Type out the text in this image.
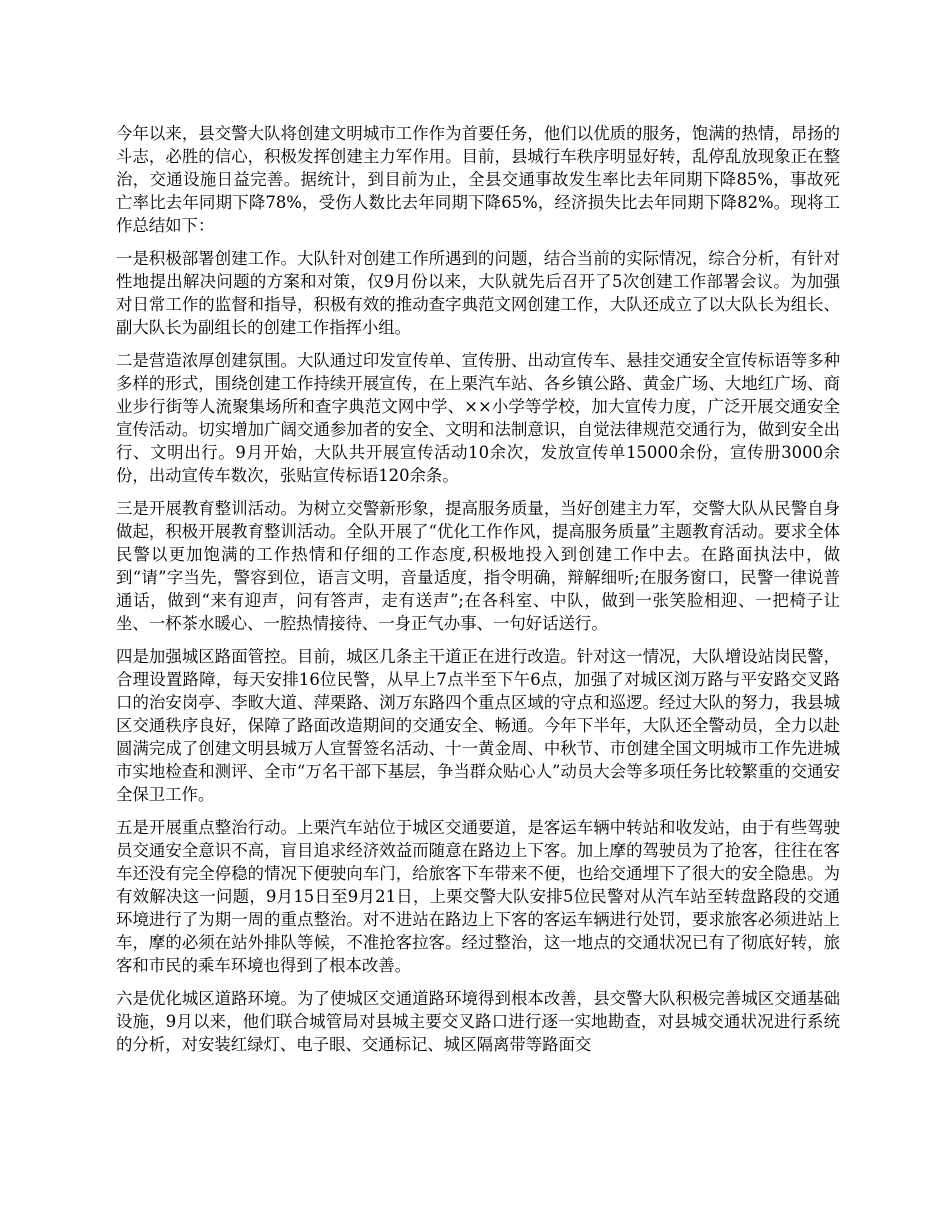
今年以来，县交警大队将创建文明城市工作作为首要任务，他们以优质的服务，饱满的热情，昂扬的斗志，必胜的信心，积极发挥创建主力军作用。目前，县城行车秩序明显好转，乱停乱放现象正在整治，交通设施日益完善。据统计，到目前为止，全县交通事故发生率比去年同期下降85%，事故死亡率比去年同期下降78%，受伤人数比去年同期下降65%，经济损失比去年同期下降82%。现将工作总结如下：

一是积极部署创建工作。大队针对创建工作所遇到的问题，结合当前的实际情况，综合分析，有针对性地提出解决问题的方案和对策，仅9月份以来，大队就先后召开了5次创建工作部署会议。为加强对日常工作的监督和指导，积极有效的推动查字典范文网创建工作，大队还成立了以大队长为组长、副大队长为副组长的创建工作指挥小组。

二是营造浓厚创建氛围。大队通过印发宣传单、宣传册、出动宣传车、悬挂交通安全宣传标语等多种多样的形式，围绕创建工作持续开展宣传，在上栗汽车站、各乡镇公路、黄金广场、大地红广场、商业步行街等人流聚集场所和查字典范文网中学、××小学等学校，加大宣传力度，广泛开展交通安全宣传活动。切实增加广阔交通参加者的安全、文明和法制意识，自觉法律规范交通行为，做到安全出行、文明出行。9月开始，大队共开展宣传活动10余次，发放宣传单15000余份，宣传册3000余份，出动宣传车数次，张贴宣传标语120余条。

三是开展教育整训活动。为树立交警新形象，提高服务质量，当好创建主力军，交警大队从民警自身做起，积极开展教育整训活动。全队开展了“优化工作作风，提高服务质量”主题教育活动。要求全体民警以更加饱满的工作热情和仔细的工作态度,积极地投入到创建工作中去。在路面执法中，做到“请”字当先，警容到位，语言文明，音量适度，指令明确，辩解细听;在服务窗口，民警一律说普通话，做到“来有迎声，问有答声，走有送声”;在各科室、中队，做到一张笑脸相迎、一把椅子让坐、一杯茶水暖心、一腔热情接待、一身正气办事、一句好话送行。

四是加强城区路面管控。目前，城区几条主干道正在进行改造。针对这一情况，大队增设站岗民警，合理设置路障，每天安排16位民警，从早上7点半至下午6点，加强了对城区浏万路与平安路交叉路口的治安岗亭、李畋大道、萍栗路、浏万东路四个重点区域的守点和巡逻。经过大队的努力，我县城区交通秩序良好，保障了路面改造期间的交通安全、畅通。今年下半年，大队还全警动员，全力以赴圆满完成了创建文明县城万人宣誓签名活动、十一黄金周、中秋节、市创建全国文明城市工作先进城市实地检查和测评、全市“万名干部下基层，争当群众贴心人”动员大会等多项任务比较繁重的交通安全保卫工作。

五是开展重点整治行动。上栗汽车站位于城区交通要道，是客运车辆中转站和收发站，由于有些驾驶员交通安全意识不高，盲目追求经济效益而随意在路边上下客。加上摩的驾驶员为了抢客，往往在客车还没有完全停稳的情况下便驶向车门，给旅客下车带来不便，也给交通埋下了很大的安全隐患。为有效解决这一问题，9月15日至9月21日，上栗交警大队安排5位民警对从汽车站至转盘路段的交通环境进行了为期一周的重点整治。对不进站在路边上下客的客运车辆进行处罚，要求旅客必须进站上车，摩的必须在站外排队等候，不准抢客拉客。经过整治，这一地点的交通状况已有了彻底好转，旅客和市民的乘车环境也得到了根本改善。

六是优化城区道路环境。为了使城区交通道路环境得到根本改善，县交警大队积极完善城区交通基础设施，9月以来，他们联合城管局对县城主要交叉路口进行逐一实地勘查，对县城交通状况进行系统的分析，对安装红绿灯、电子眼、交通标记、城区隔离带等路面交
